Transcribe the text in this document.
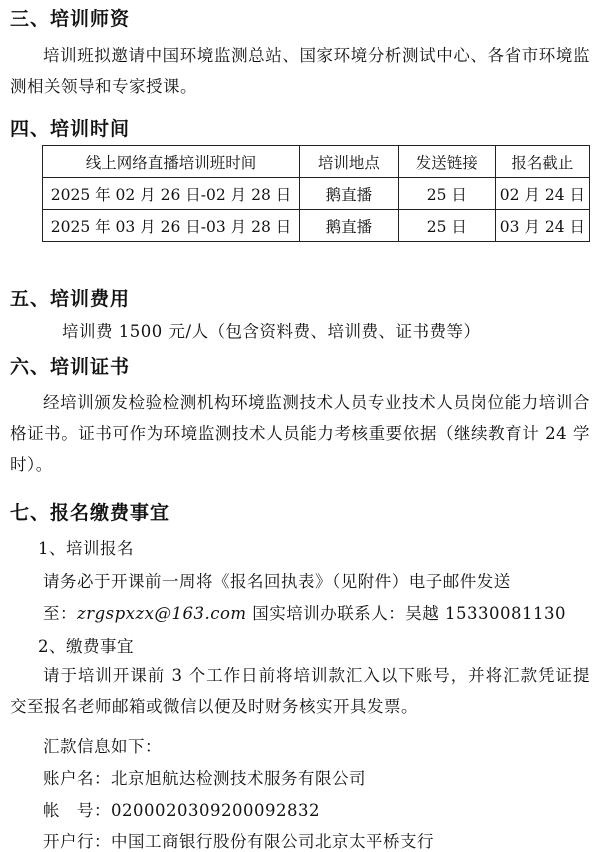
三、培训师资
培训班拟邀请中国环境监测总站、国家环境分析测试中心、各省市环境监测相关领导和专家授课。
四、培训时间
线上网络直播培训班时间	培训地点	发送链接	报名截止
2025 年 02 月 26 日-02 月 28 日	鹅直播	25 日	02 月 24 日
2025 年 03 月 26 日-03 月 28 日	鹅直播	25 日	03 月 24 日
五、培训费用
培训费 1500 元/人（包含资料费、培训费、证书费等）
六、培训证书
经培训颁发检验检测机构环境监测技术人员专业技术人员岗位能力培训合格证书。证书可作为环境监测技术人员能力考核重要依据（继续教育计 24 学时）。
七、报名缴费事宜
1、培训报名
请务必于开课前一周将《报名回执表》（见附件）电子邮件发送
至：zrgspxzx@163.com 国实培训办联系人：吴越 15330081130
2、缴费事宜
请于培训开课前 3 个工作日前将培训款汇入以下账号，并将汇款凭证提交至报名老师邮箱或微信以便及时财务核实开具发票。
汇款信息如下：
账户名：北京旭航达检测技术服务有限公司
帐　号：0200020309200092832
开户行：中国工商银行股份有限公司北京太平桥支行
